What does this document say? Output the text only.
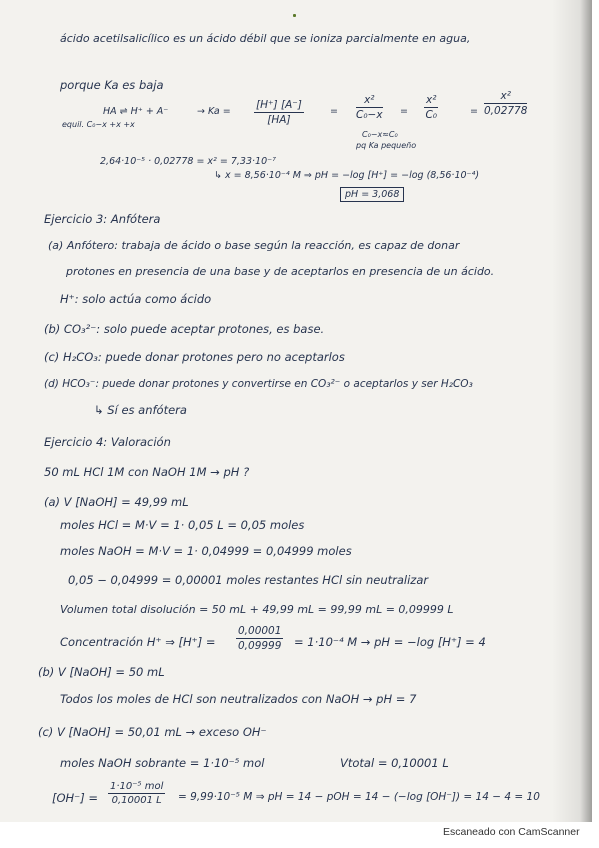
ácido acetilsalicílico es un ácido débil que se ioniza parcialmente en agua,
porque Ka es baja
HA ⇌ H⁺ + A⁻	→ $Ka = \frac{[H^+] [A^-]}{[HA]}$	= $\frac{\text{x²}}{\text{C₀−x}} = \frac{\text{x²}}{\text{C₀}}$	= $\frac{\text{x²}}{0,02778}$
equil. C₀−x +x +x
C₀−x≈C₀
pq Ka pequeño
2,64·10⁻⁵ · 0,02778 = x² = 7,33·10⁻⁷
↳ x = 8,56·10⁻⁴ M ⇒ pH = −log [H⁺] = −log (8,56·10⁻⁴)
pH = 3,068
Ejercicio 3: Anfótera
(a) Anfótero: trabaja de ácido o base según la reacción, es capaz de donar
protones en presencia de una base y de aceptarlos en presencia de un ácido.
H⁺: solo actúa como ácido
(b) CO₃²⁻: solo puede aceptar protones, es base.
(c) H₂CO₃: puede donar protones pero no aceptarlos
(d) HCO₃⁻: puede donar protones y convertirse en CO₃²⁻ o aceptarlos y ser H₂CO₃
↳ Sí es anfótera
Ejercicio 4: Valoración
50 mL HCl 1M con NaOH 1M → pH ?
(a) V [NaOH] = 49,99 mL
moles HCl = M·V = 1· 0,05 L = 0,05 moles
moles NaOH = M·V = 1· 0,04999 = 0,04999 moles
0,05 − 0,04999 = 0,00001 moles restantes HCl sin neutralizar
Volumen total disolución = 50 mL + 49,99 mL = 99,99 mL = 0,09999 L
Concentración H⁺ ⇒ $[H^+] = \frac{0,00001}{0,09999} = 1\cdot 10^{-4}$ M → pH = −log [H⁺] = 4
(b) V [NaOH] = 50 mL
Todos los moles de HCl son neutralizados con NaOH → pH = 7
(c) V [NaOH] = 50,01 mL → exceso OH⁻
moles NaOH sobrante = 1·10⁻⁵ mol	Vtotal = 0,10001 L
[OH⁻] =
1·10⁻⁵ mol
0,10001 L	= 9,99·10⁻⁵ M ⇒ pH = 14 − pOH = 14 − (−log [OH⁻]) = 14 − 4 = 10
Escaneado con CamScanner
